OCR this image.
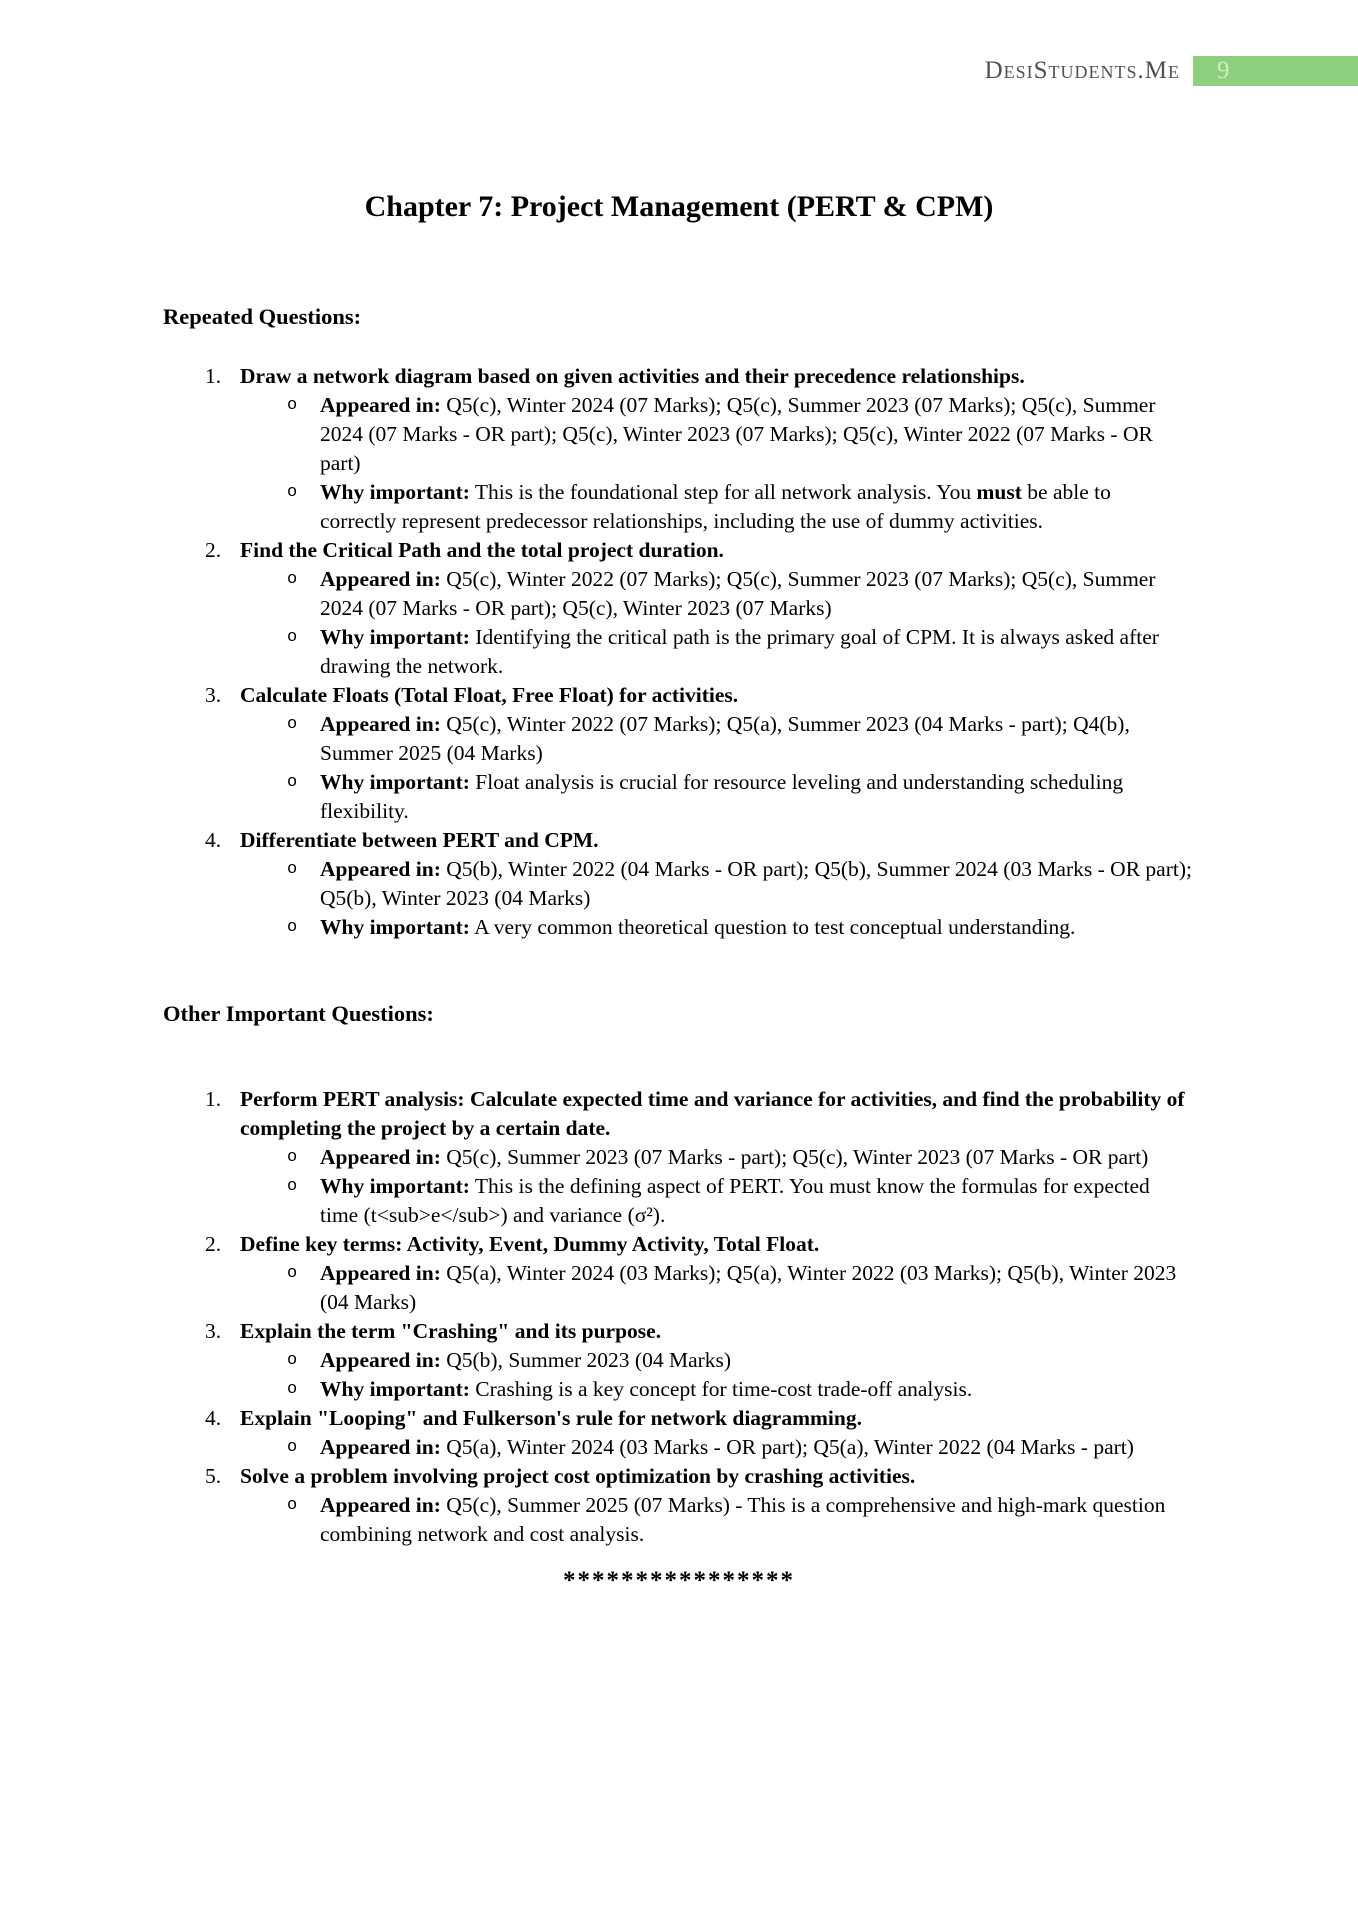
DesiStudents.Me	9
Chapter 7: Project Management (PERT & CPM)
Repeated Questions:
1. Draw a network diagram based on given activities and their precedence relationships.
o	Appeared in: Q5(c), Winter 2024 (07 Marks); Q5(c), Summer 2023 (07 Marks); Q5(c), Summer 2024 (07 Marks - OR part); Q5(c), Winter 2023 (07 Marks); Q5(c), Winter 2022 (07 Marks - OR part)
o	Why important: This is the foundational step for all network analysis. You must be able to correctly represent predecessor relationships, including the use of dummy activities.
2. Find the Critical Path and the total project duration.
o	Appeared in: Q5(c), Winter 2022 (07 Marks); Q5(c), Summer 2023 (07 Marks); Q5(c), Summer 2024 (07 Marks - OR part); Q5(c), Winter 2023 (07 Marks)
o	Why important: Identifying the critical path is the primary goal of CPM. It is always asked after drawing the network.
3. Calculate Floats (Total Float, Free Float) for activities.
o	Appeared in: Q5(c), Winter 2022 (07 Marks); Q5(a), Summer 2023 (04 Marks - part); Q4(b), Summer 2025 (04 Marks)
o	Why important: Float analysis is crucial for resource leveling and understanding scheduling flexibility.
4. Differentiate between PERT and CPM.
o	Appeared in: Q5(b), Winter 2022 (04 Marks - OR part); Q5(b), Summer 2024 (03 Marks - OR part); Q5(b), Winter 2023 (04 Marks)
o	Why important: A very common theoretical question to test conceptual understanding.
Other Important Questions:
1. Perform PERT analysis: Calculate expected time and variance for activities, and find the probability of completing the project by a certain date.
o	Appeared in: Q5(c), Summer 2023 (07 Marks - part); Q5(c), Winter 2023 (07 Marks - OR part)
o	Why important: This is the defining aspect of PERT. You must know the formulas for expected time (t<sub>e</sub>) and variance (σ²).
2. Define key terms: Activity, Event, Dummy Activity, Total Float.
o	Appeared in: Q5(a), Winter 2024 (03 Marks); Q5(a), Winter 2022 (03 Marks); Q5(b), Winter 2023 (04 Marks)
3. Explain the term "Crashing" and its purpose.
o	Appeared in: Q5(b), Summer 2023 (04 Marks)
o	Why important: Crashing is a key concept for time-cost trade-off analysis.
4. Explain "Looping" and Fulkerson's rule for network diagramming.
o	Appeared in: Q5(a), Winter 2024 (03 Marks - OR part); Q5(a), Winter 2022 (04 Marks - part)
5. Solve a problem involving project cost optimization by crashing activities.
o	Appeared in: Q5(c), Summer 2025 (07 Marks) - This is a comprehensive and high-mark question combining network and cost analysis.
****************
